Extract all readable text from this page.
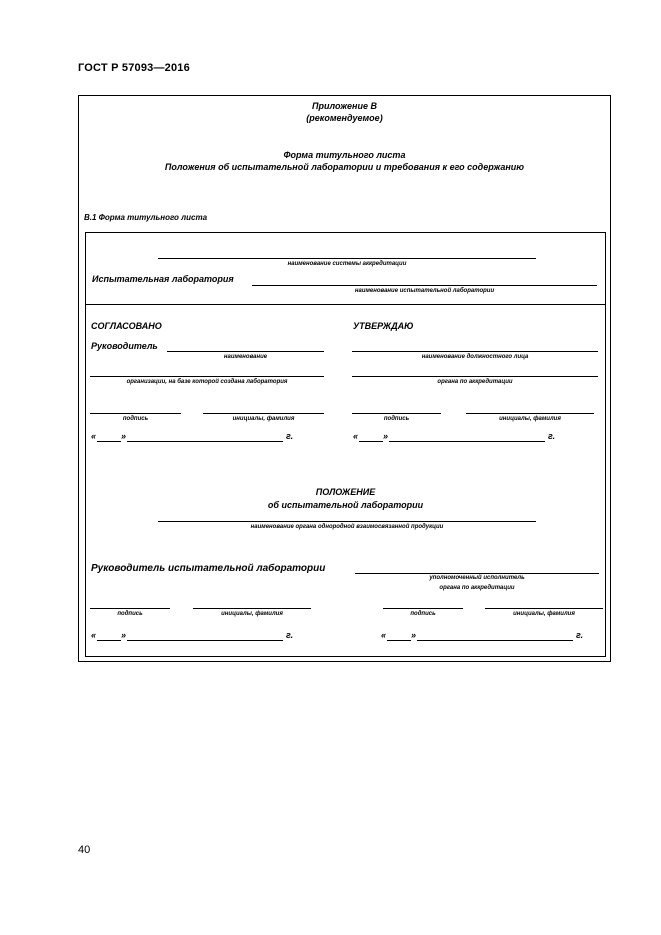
ГОСТ Р 57093—2016
Приложение В
(рекомендуемое)
Форма титульного листа
Положения об испытательной лаборатории и требования к его содержанию
В.1 Форма титульного листа
наименование системы аккредитации
Испытательная лаборатория
наименование испытательной лаборатории
СОГЛАСОВАНО	УТВЕРЖДАЮ
Руководитель
наименование	наименование должностного лица
организации, на базе которой создана лаборатория	органа по аккредитации
подпись	инициалы, фамилия	подпись	инициалы, фамилия
«	»	г.	«	»	г.
ПОЛОЖЕНИЕ
об испытательной лаборатории
наименование органа однородной взаимосвязанной продукции
Руководитель испытательной лаборатории
уполномоченный исполнитель
органа по аккредитации
подпись	инициалы, фамилия	подпись	инициалы, фамилия
«	»	г.	«	»	г.
40
